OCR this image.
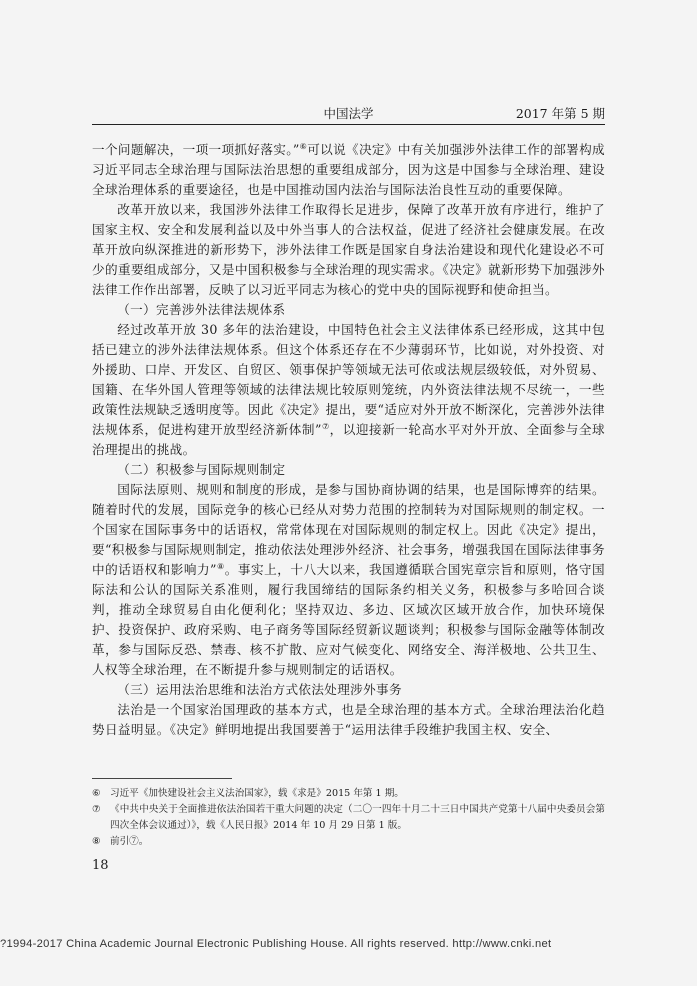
中国法学	2017 年第 5 期

一个问题解决，一项一项抓好落实。”⑥可以说《决定》中有关加强涉外法律工作的部署构成习近平同志全球治理与国际法治思想的重要组成部分，因为这是中国参与全球治理、建设全球治理体系的重要途径，也是中国推动国内法治与国际法治良性互动的重要保障。

改革开放以来，我国涉外法律工作取得长足进步，保障了改革开放有序进行，维护了国家主权、安全和发展利益以及中外当事人的合法权益，促进了经济社会健康发展。在改革开放向纵深推进的新形势下，涉外法律工作既是国家自身法治建设和现代化建设必不可少的重要组成部分，又是中国积极参与全球治理的现实需求。《决定》就新形势下加强涉外法律工作作出部署，反映了以习近平同志为核心的党中央的国际视野和使命担当。

（一）完善涉外法律法规体系

经过改革开放 30 多年的法治建设，中国特色社会主义法律体系已经形成，这其中包括已建立的涉外法律法规体系。但这个体系还存在不少薄弱环节，比如说，对外投资、对外援助、口岸、开发区、自贸区、领事保护等领域无法可依或法规层级较低，对外贸易、国籍、在华外国人管理等领域的法律法规比较原则笼统，内外资法律法规不尽统一，一些政策性法规缺乏透明度等。因此《决定》提出，要“适应对外开放不断深化，完善涉外法律法规体系，促进构建开放型经济新体制”⑦，以迎接新一轮高水平对外开放、全面参与全球治理提出的挑战。

（二）积极参与国际规则制定

国际法原则、规则和制度的形成，是参与国协商协调的结果，也是国际博弈的结果。随着时代的发展，国际竞争的核心已经从对势力范围的控制转为对国际规则的制定权。一个国家在国际事务中的话语权，常常体现在对国际规则的制定权上。因此《决定》提出，要“积极参与国际规则制定，推动依法处理涉外经济、社会事务，增强我国在国际法律事务中的话语权和影响力”⑧。事实上，十八大以来，我国遵循联合国宪章宗旨和原则，恪守国际法和公认的国际关系准则，履行我国缔结的国际条约相关义务，积极参与多哈回合谈判，推动全球贸易自由化便利化；坚持双边、多边、区域次区域开放合作，加快环境保护、投资保护、政府采购、电子商务等国际经贸新议题谈判；积极参与国际金融等体制改革，参与国际反恐、禁毒、核不扩散、应对气候变化、网络安全、海洋极地、公共卫生、人权等全球治理，在不断提升参与规则制定的话语权。

（三）运用法治思维和法治方式依法处理涉外事务

法治是一个国家治国理政的基本方式，也是全球治理的基本方式。全球治理法治化趋势日益明显。《决定》鲜明地提出我国要善于“运用法律手段维护我国主权、安全、

⑥ 习近平《加快建设社会主义法治国家》，载《求是》2015 年第 1 期。
⑦ 《中共中央关于全面推进依法治国若干重大问题的决定（二〇一四年十月二十三日中国共产党第十八届中央委员会第四次全体会议通过）》，载《人民日报》2014 年 10 月 29 日第 1 版。
⑧ 前引⑦。
18
?1994-2017 China Academic Journal Electronic Publishing House. All rights reserved. http://www.cnki.net
